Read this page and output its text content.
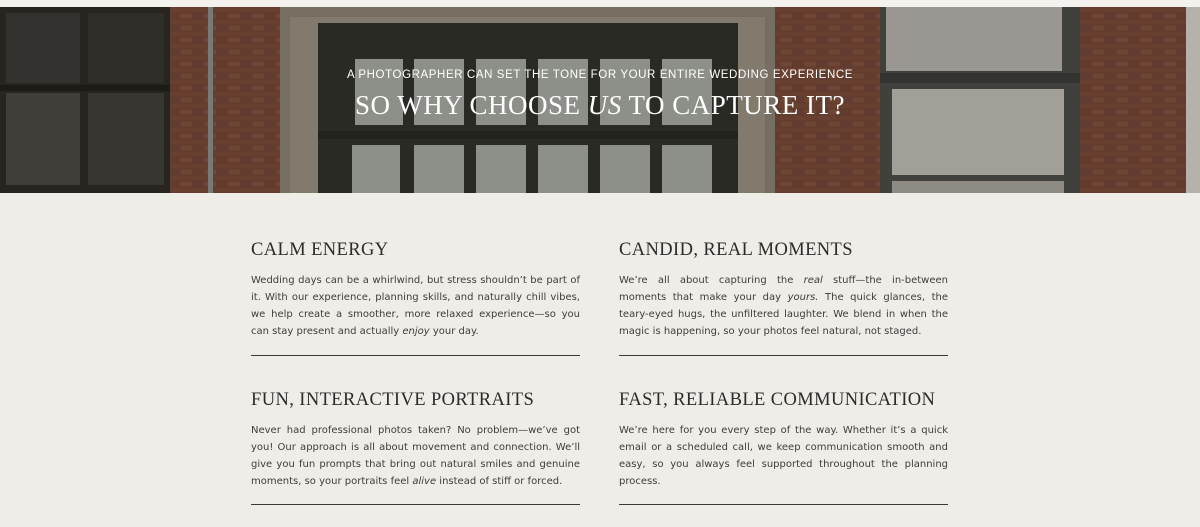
A PHOTOGRAPHER CAN SET THE TONE FOR YOUR ENTIRE WEDDING EXPERIENCE
SO WHY CHOOSE US TO CAPTURE IT?
CALM ENERGY

Wedding days can be a whirlwind, but stress shouldn’t be part of it. With our experience, planning skills, and naturally chill vibes, we help create a smoother, more relaxed experience—so you can stay present and actually enjoy your day.

CANDID, REAL MOMENTS

We’re all about capturing the real stuff—the in-between moments that make your day yours. The quick glances, the teary-eyed hugs, the unfiltered laughter. We blend in when the magic is happening, so your photos feel natural, not staged.

FUN, INTERACTIVE PORTRAITS

Never had professional photos taken? No problem—we’ve got you! Our approach is all about movement and connection. We’ll give you fun prompts that bring out natural smiles and genuine moments, so your portraits feel alive instead of stiff or forced.

FAST, RELIABLE COMMUNICATION

We’re here for you every step of the way. Whether it’s a quick email or a scheduled call, we keep communication smooth and easy, so you always feel supported throughout the planning process.
